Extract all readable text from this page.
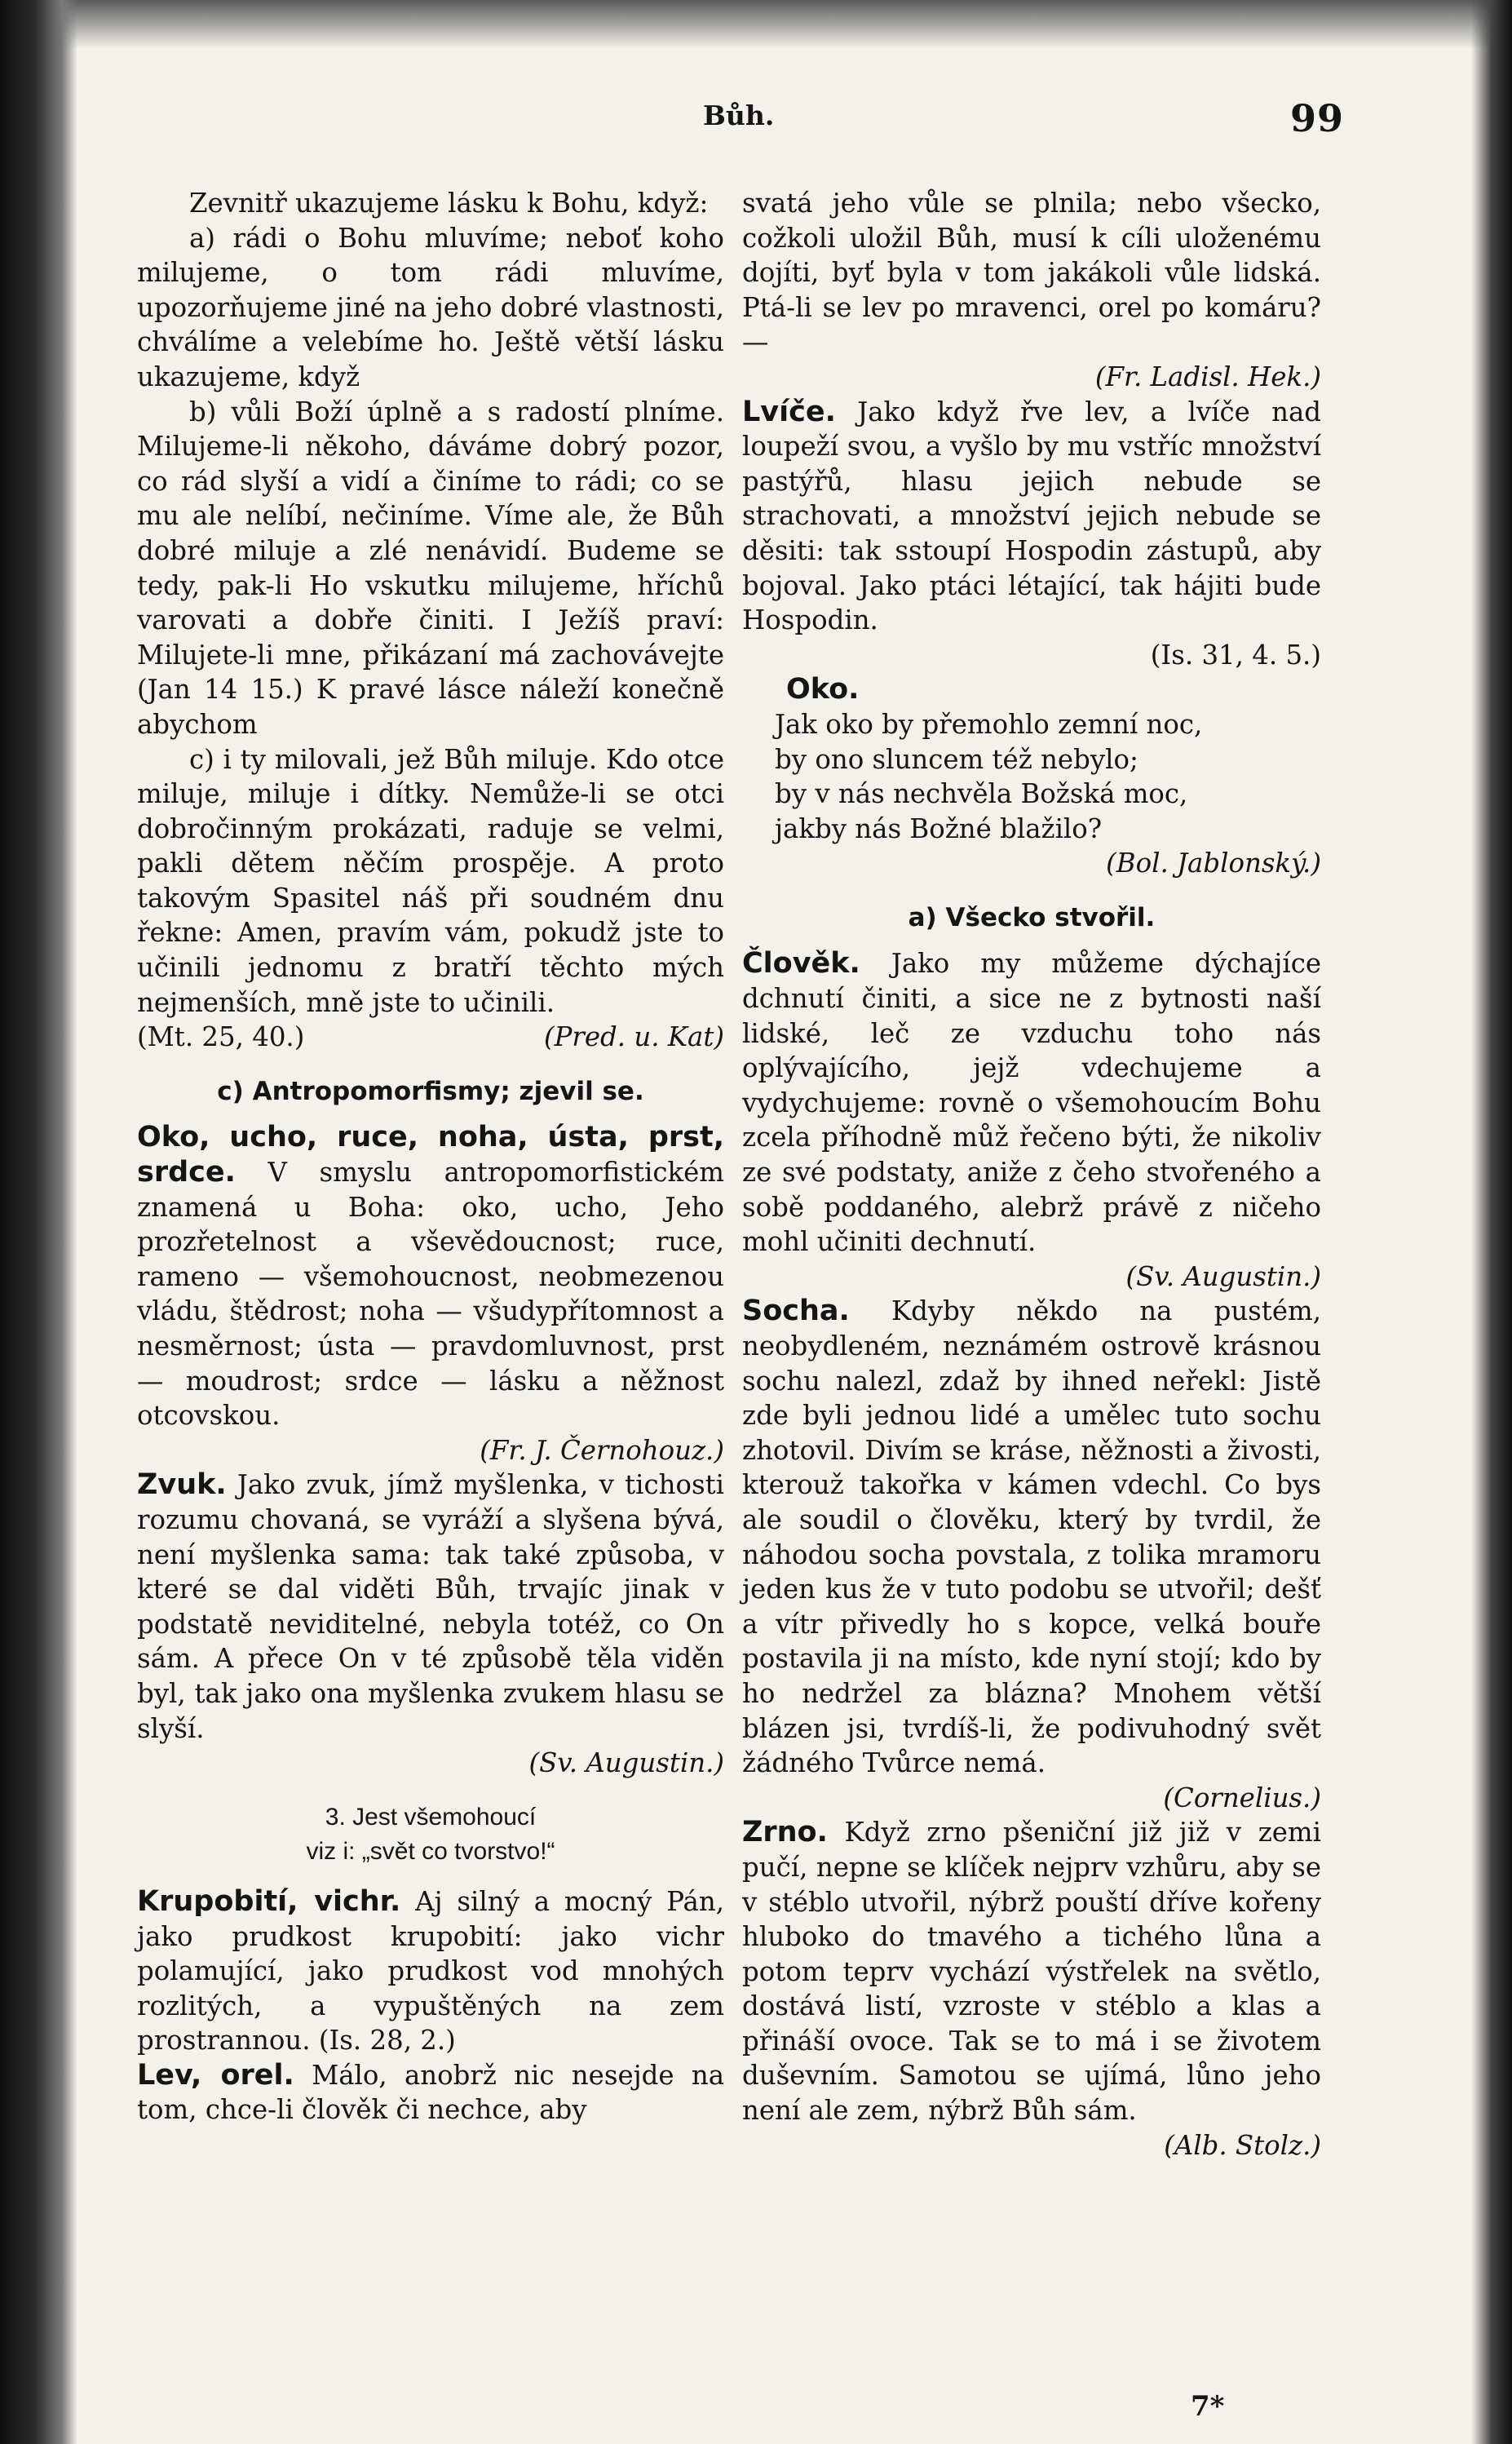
Bůh.	99

Zevnitř ukazujeme lásku k Bohu, když:

a) rádi o Bohu mluvíme; neboť koho milujeme, o tom rádi mluvíme, upozorňujeme jiné na jeho dobré vlastnosti, chválíme a velebíme ho. Ještě větší lásku ukazujeme, když

b) vůli Boží úplně a s radostí plníme. Milujeme-li někoho, dáváme dobrý pozor, co rád slyší a vidí a činíme to rádi; co se mu ale nelíbí, nečiníme. Víme ale, že Bůh dobré miluje a zlé nenávidí. Budeme se tedy, pak-li Ho vskutku milujeme, hříchů varovati a dobře činiti. I Ježíš praví: Milujete-li mne, přikázaní má zachovávejte (Jan 14 15.) K pravé lásce náleží konečně abychom

c) i ty milovali, jež Bůh miluje. Kdo otce miluje, miluje i dítky. Nemůže-li se otci dobročinným prokázati, raduje se velmi, pakli dětem něčím prospěje. A proto takovým Spasitel náš při soudném dnu řekne: Amen, pravím vám, pokudž jste to učinili jednomu z bratří těchto mých nejmenších, mně jste to učinili.

(Mt. 25, 40.)	(Pred. u. Kat)

c) Antropomorfismy; zjevil se.

Oko, ucho, ruce, noha, ústa, prst, srdce. V smyslu antropomorfistickém znamená u Boha: oko, ucho, Jeho prozřetelnost a vševědoucnost; ruce, rameno — všemohoucnost, neobmezenou vládu, štědrost; noha — všudypřítomnost a nesměrnost; ústa — pravdomluvnost, prst — moudrost; srdce — lásku a něžnost otcovskou.

(Fr. J. Černohouz.)

Zvuk. Jako zvuk, jímž myšlenka, v tichosti rozumu chovaná, se vyráží a slyšena bývá, není myšlenka sama: tak také způsoba, v které se dal viděti Bůh, trvajíc jinak v podstatě neviditelné, nebyla totéž, co On sám. A přece On v té způsobě těla viděn byl, tak jako ona myšlenka zvukem hlasu se slyší.

(Sv. Augustin.)

3. Jest všemohoucí

viz i: „svět co tvorstvo!“

Krupobití, vichr. Aj silný a mocný Pán, jako prudkost krupobití: jako vichr polamující, jako prudkost vod mnohých rozlitých, a vypuštěných na zem prostrannou. (Is. 28, 2.)

Lev, orel. Málo, anobrž nic nesejde na tom, chce-li člověk či nechce, aby

svatá jeho vůle se plnila; nebo všecko, cožkoli uložil Bůh, musí k cíli uloženému dojíti, byť byla v tom jakákoli vůle lidská. Ptá-li se lev po mravenci, orel po komáru? —

(Fr. Ladisl. Hek.)

Lvíče. Jako když řve lev, a lvíče nad loupeží svou, a vyšlo by mu vstříc množství pastýřů, hlasu jejich nebude se strachovati, a množství jejich nebude se děsiti: tak sstoupí Hospodin zástupů, aby bojoval. Jako ptáci létající, tak hájiti bude Hospodin.

(Is. 31, 4. 5.)

Oko.

Jak oko by přemohlo zemní noc,

by ono sluncem též nebylo;

by v nás nechvěla Božská moc,

jakby nás Božné blažilo?

(Bol. Jablonský.)

a) Všecko stvořil.

Člověk. Jako my můžeme dýchajíce dchnutí činiti, a sice ne z bytnosti naší lidské, leč ze vzduchu toho nás oplývajícího, jejž vdechujeme a vydychujeme: rovně o všemohoucím Bohu zcela příhodně můž řečeno býti, že nikoliv ze své podstaty, aniže z čeho stvořeného a sobě poddaného, alebrž právě z ničeho mohl učiniti dechnutí.

(Sv. Augustin.)

Socha. Kdyby někdo na pustém, neobydleném, neznámém ostrově krásnou sochu nalezl, zdaž by ihned neřekl: Jistě zde byli jednou lidé a umělec tuto sochu zhotovil. Divím se kráse, něžnosti a živosti, kterouž takořka v kámen vdechl. Co bys ale soudil o člověku, který by tvrdil, že náhodou socha povstala, z tolika mramoru jeden kus že v tuto podobu se utvořil; dešť a vítr přivedly ho s kopce, velká bouře postavila ji na místo, kde nyní stojí; kdo by ho nedržel za blázna? Mnohem větší blázen jsi, tvrdíš-li, že podivuhodný svět žádného Tvůrce nemá.

(Cornelius.)

Zrno. Když zrno pšeniční již již v zemi pučí, nepne se klíček nejprv vzhůru, aby se v stéblo utvořil, nýbrž pouští dříve kořeny hluboko do tmavého a tichého lůna a potom teprv vychází výstřelek na světlo, dostává listí, vzroste v stéblo a klas a přináší ovoce. Tak se to má i se životem duševním. Samotou se ujímá, lůno jeho není ale zem, nýbrž Bůh sám.

(Alb. Stolz.)
7*
